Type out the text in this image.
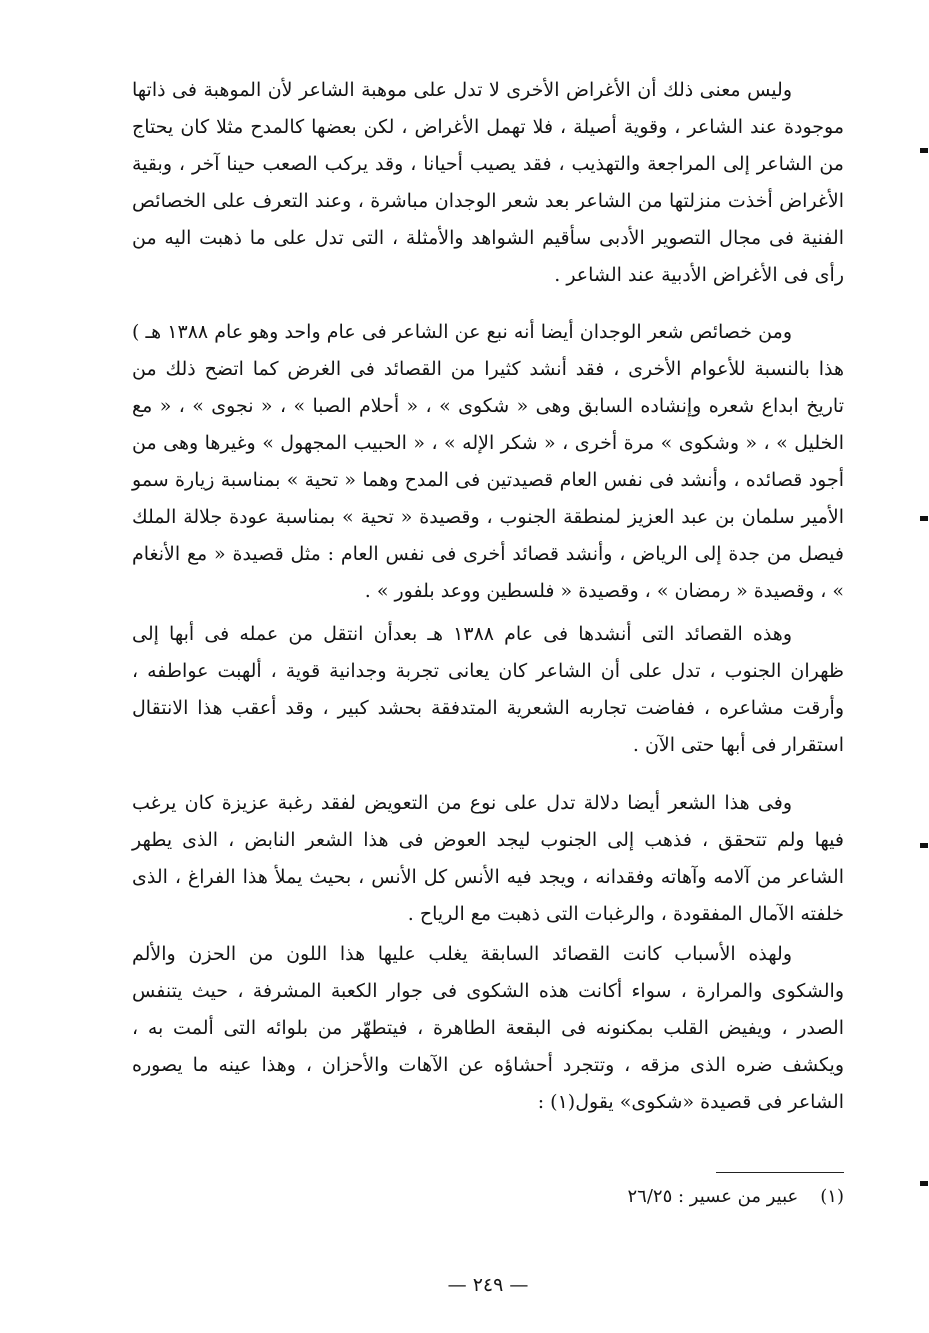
وليس معنى ذلك أن الأغراض الأخرى لا تدل على موهبة الشاعر لأن الموهبة فى ذاتها موجودة عند الشاعر ، وقوية أصيلة ، فلا تهمل الأغراض ، لكن بعضها كالمدح مثلا كان يحتاج من الشاعر إلى المراجعة والتهذيب ، فقد يصيب أحيانا ، وقد يركب الصعب حينا آخر ، وبقية الأغراض أخذت منزلتها من الشاعر بعد شعر الوجدان مباشرة ، وعند التعرف على الخصائص الفنية فى مجال التصوير الأدبى سأقيم الشواهد والأمثلة ، التى تدل على ما ذهبت اليه من رأى فى الأغراض الأدبية عند الشاعر .

ومن خصائص شعر الوجدان أيضا أنه نبع عن الشاعر فى عام واحد وهو عام ١٣٨٨ هـ ) هذا بالنسبة للأعوام الأخرى ، فقد أنشد كثيرا من القصائد فى الغرض كما اتضح ذلك من تاريخ ابداع شعره وإنشاده السابق وهى « شكوى » ، « أحلام الصبا » ، « نجوى » ، « مع الخليل » ، « وشكوى » مرة أخرى ، « شكر الإله » ، « الحبيب المجهول » وغيرها وهى من أجود قصائده ، وأنشد فى نفس العام قصيدتين فى المدح وهما « تحية » بمناسبة زيارة سمو الأمير سلمان بن عبد العزيز لمنطقة الجنوب ، وقصيدة « تحية » بمناسبة عودة جلالة الملك فيصل من جدة إلى الرياض ، وأنشد قصائد أخرى فى نفس العام : مثل قصيدة « مع الأنغام » ، وقصيدة « رمضان » ، وقصيدة « فلسطين ووعد بلفور » .

وهذه القصائد التى أنشدها فى عام ١٣٨٨ هـ بعدأن انتقل من عمله فى أبها إلى ظهران الجنوب ، تدل على أن الشاعر كان يعانى تجربة وجدانية قوية ، ألهبت عواطفه ، وأرقت مشاعره ، ففاضت تجاربه الشعرية المتدفقة بحشد كبير ، وقد أعقب هذا الانتقال استقرار فى أبها حتى الآن .

وفى هذا الشعر أيضا دلالة تدل على نوع من التعويض لفقد رغبة عزيزة كان يرغب فيها ولم تتحقق ، فذهب إلى الجنوب ليجد العوض فى هذا الشعر النابض ، الذى يطهر الشاعر من آلامه وآهاته وفقدانه ، ويجد فيه الأنس كل الأنس ، بحيث يملأ هذا الفراغ ، الذى خلفته الآمال المفقودة ، والرغبات التى ذهبت مع الرياح .

ولهذه الأسباب كانت القصائد السابقة يغلب عليها هذا اللون من الحزن والألم والشكوى والمرارة ، سواء أكانت هذه الشكوى فى جوار الكعبة المشرفة ، حيث يتنفس الصدر ، ويفيض القلب بمكنونه فى البقعة الطاهرة ، فيتطهّر من بلوائه التى ألمت به ، ويكشف ضره الذى مزقه ، وتتجرد أحشاؤه عن الآهات والأحزان ، وهذا عينه ما يصوره الشاعر فى قصيدة «شكوى» يقول(١) :

(١)عبير من عسير : ٢٦/٢٥
— ٢٤٩ —
